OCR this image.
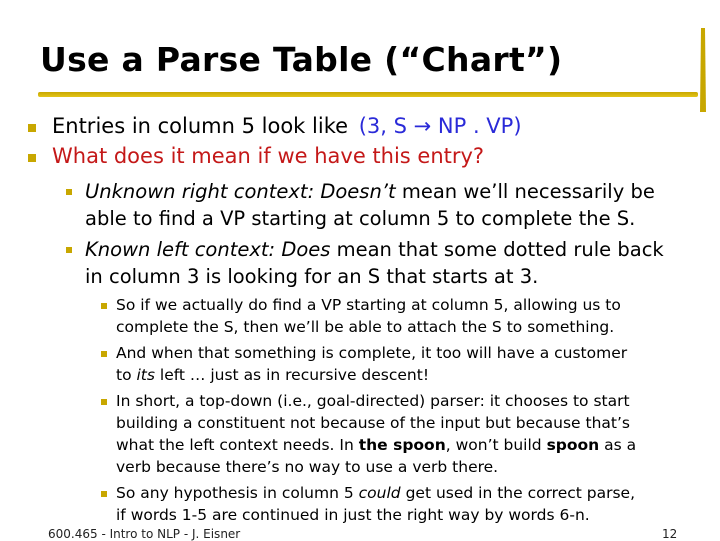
Use a Parse Table (“Chart”)
Entries in column 5 look like (3, S → NP . VP)
What does it mean if we have this entry?
Unknown right context: Doesn’t mean we’ll necessarily be
able to find a VP starting at column 5 to complete the S.
Known left context: Does mean that some dotted rule back
in column 3 is looking for an S that starts at 3.
So if we actually do find a VP starting at column 5, allowing us to
complete the S, then we’ll be able to attach the S to something.
And when that something is complete, it too will have a customer
to its left … just as in recursive descent!
In short, a top-down (i.e., goal-directed) parser: it chooses to start
building a constituent not because of the input but because that’s
what the left context needs. In the spoon, won’t build spoon as a
verb because there’s no way to use a verb there.
So any hypothesis in column 5 could get used in the correct parse,
if words 1-5 are continued in just the right way by words 6-n.
600.465 - Intro to NLP - J. Eisner	12
